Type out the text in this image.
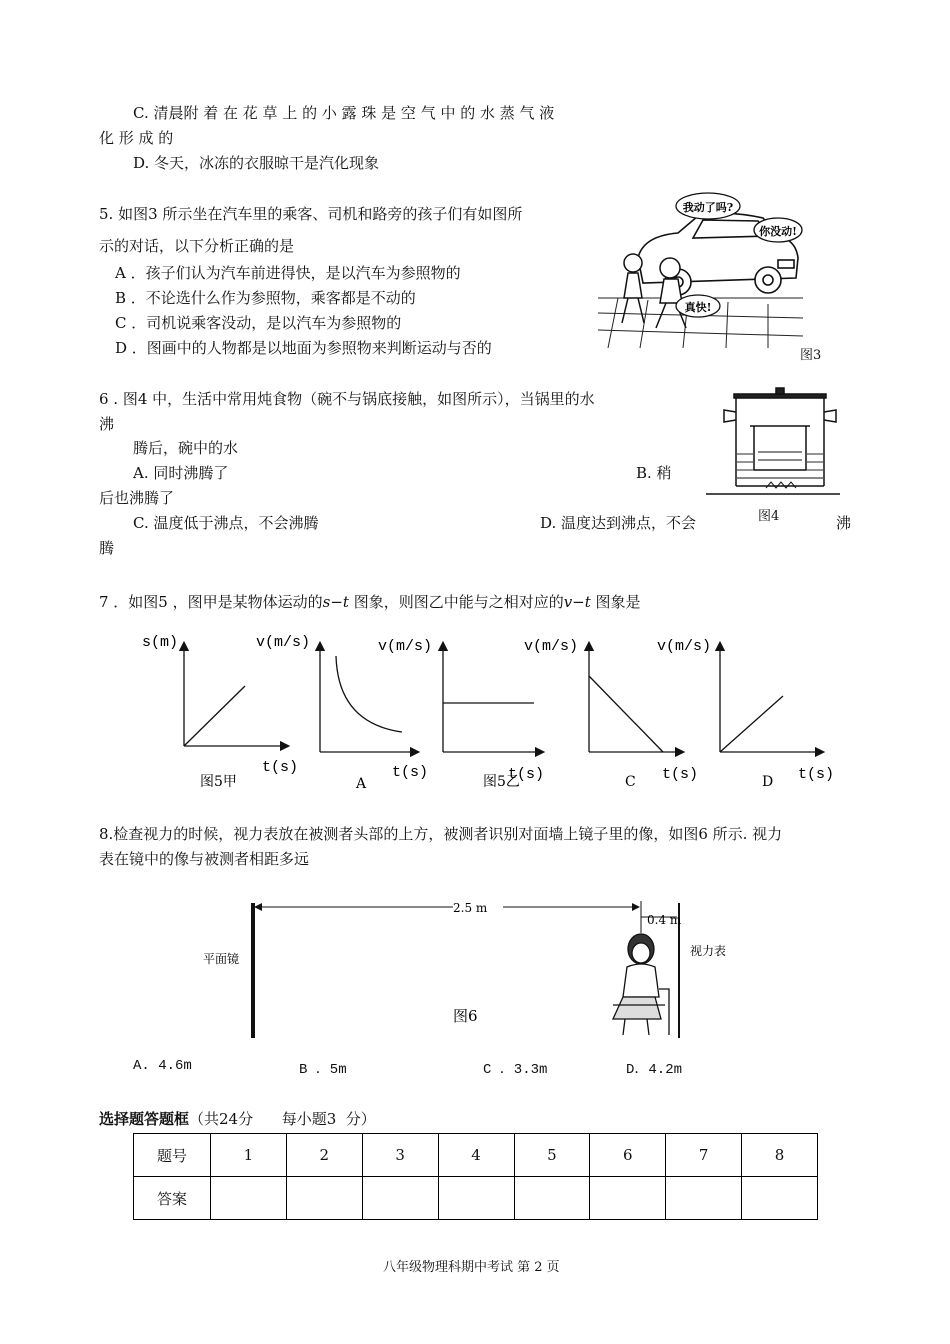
C. 清晨附 着 在 花 草 上 的 小 露 珠 是 空 气 中 的 水 蒸 气 液
化 形 成 的
D. 冬天，冰冻的衣服晾干是汽化现象
5. 如图3 所示坐在汽车里的乘客、司机和路旁的孩子们有如图所
示的对话，以下分析正确的是
A ．孩子们认为汽车前进得快，是以汽车为参照物的
B ．不论选什么作为参照物，乘客都是不动的
C ．司机说乘客没动，是以汽车为参照物的
D ．图画中的人物都是以地面为参照物来判断运动与否的
我动了吗?
你没动!
真快!
图3
6 . 图4 中，生活中常用炖食物（碗不与锅底接触，如图所示），当锅里的水
沸
腾后，碗中的水
A. 同时沸腾了	B. 稍
后也沸腾了
C. 温度低于沸点，不会沸腾	D. 温度达到沸点，不会	沸
腾
图4
7 ．如图5 ，图甲是某物体运动的s−t 图象，则图乙中能与之相对应的v−t 图象是
s(m)
t(s)
图5甲
v(m/s)
t(s)
A
v(m/s)
t(s)
图5乙
v(m/s)
t(s)
C
v(m/s)
t(s)
D
8.检查视力的时候，视力表放在被测者头部的上方，被测者识别对面墙上镜子里的像，如图6 所示. 视力
表在镜中的像与被测者相距多远
2.5 m
0.4 m
平面镜
视力表
图6
A. 4.6m	B ．5m	C ．3.3m	D．4.2m
选择题答题框（共24分      每小题3  分）
题号	1	2	3	4	5	6	7	8
答案								
八年级物理科期中考试 第 2 页
